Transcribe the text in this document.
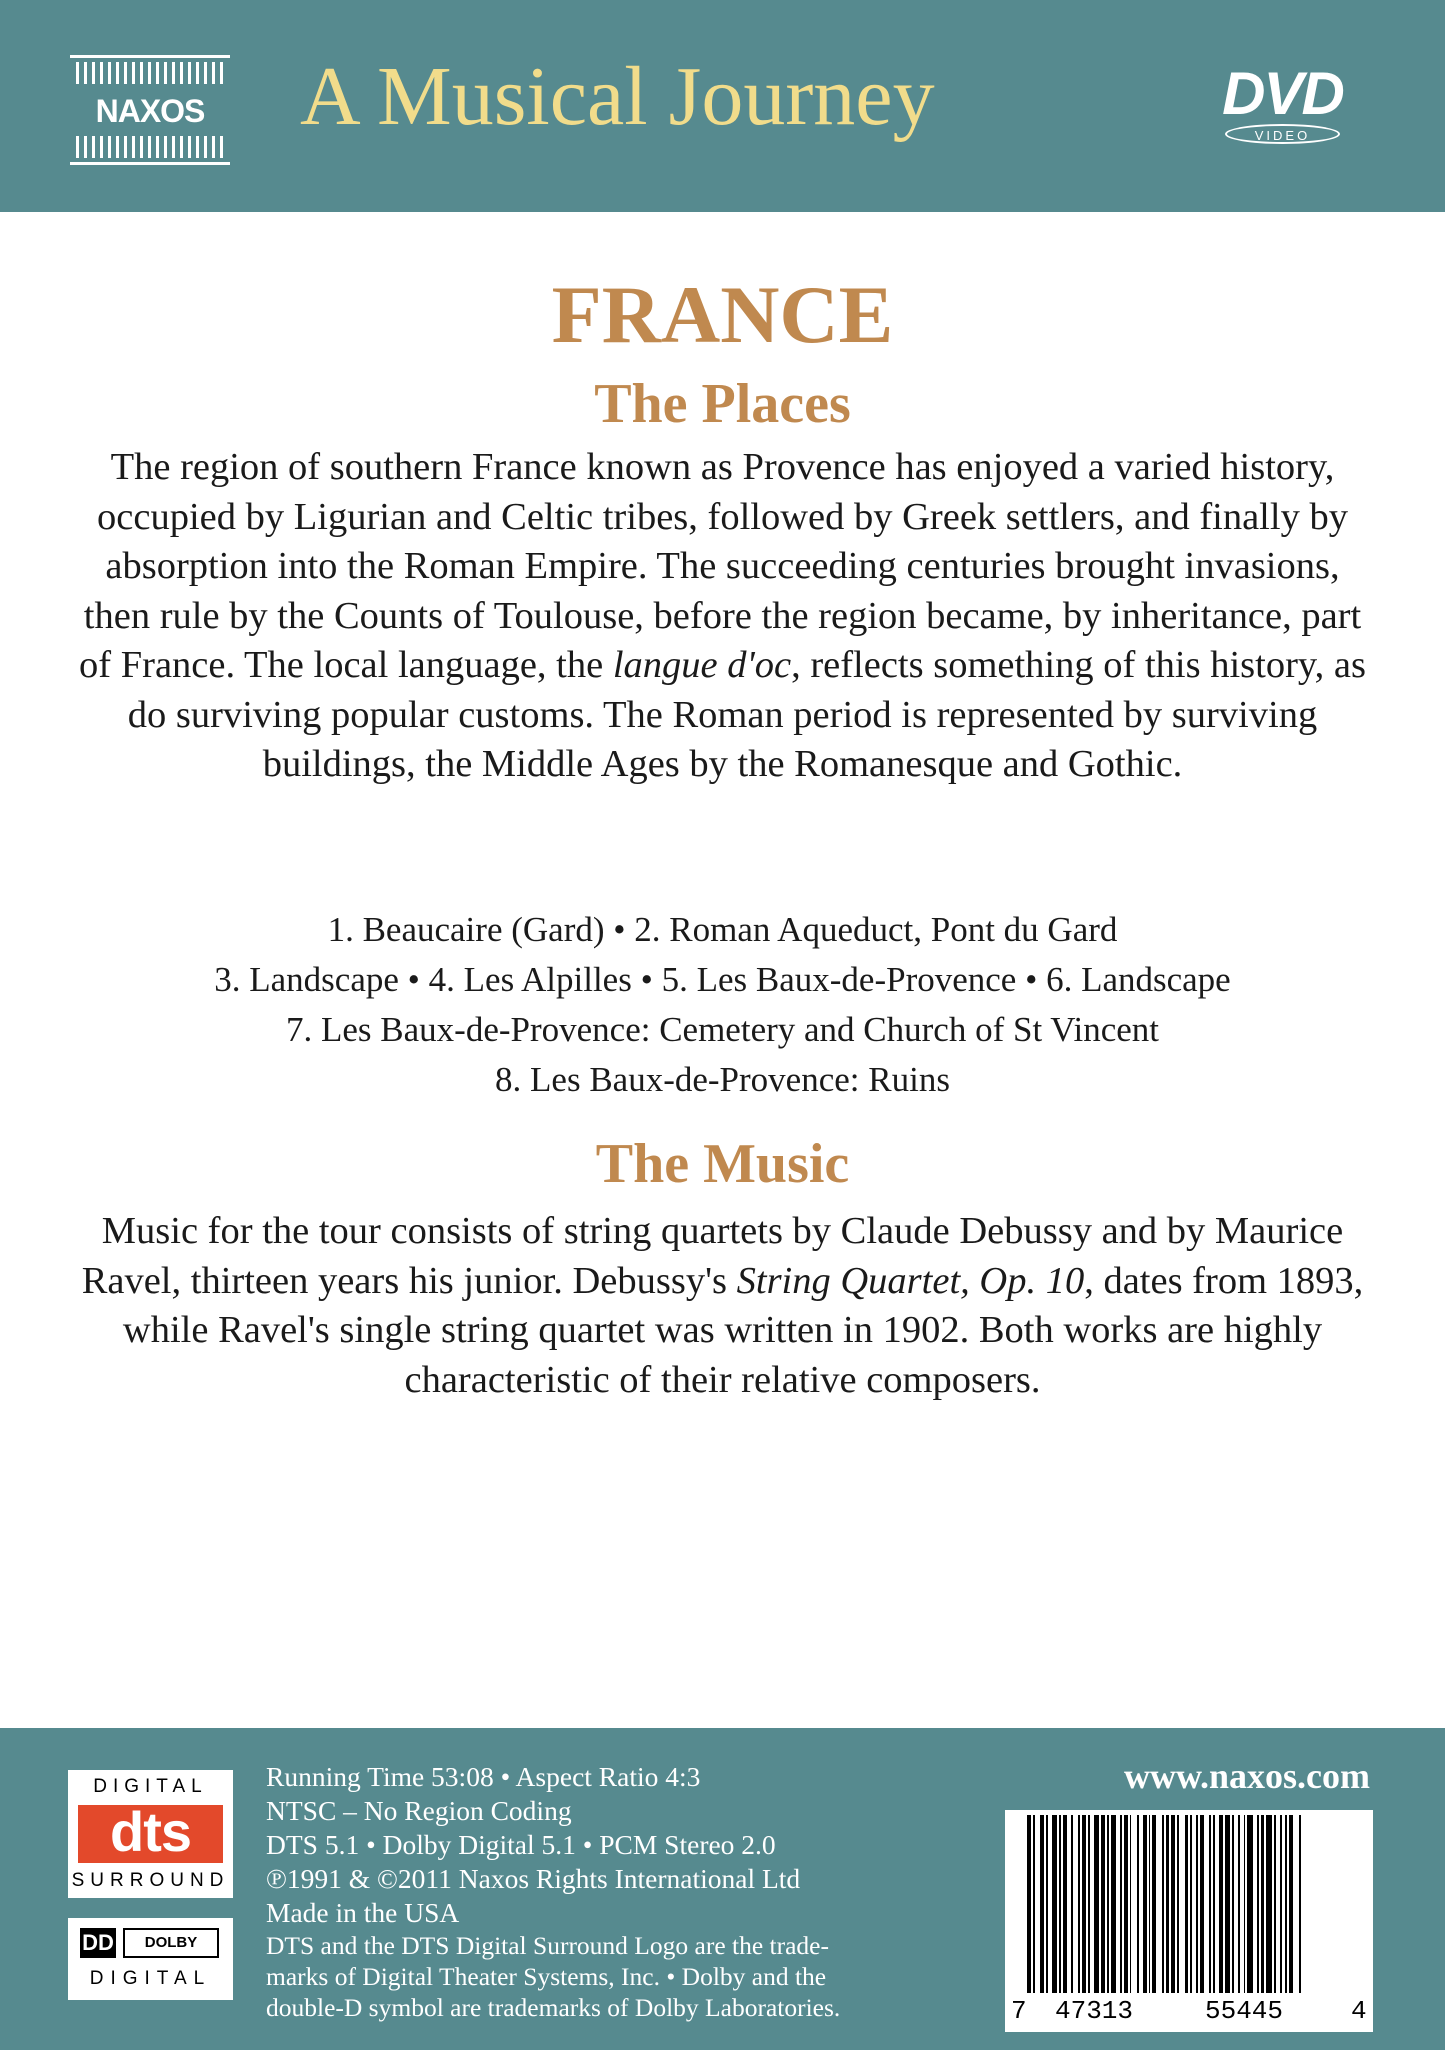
NAXOS	A Musical Journey	DVD
VIDEO
FRANCE
The Places

The region of southern France known as Provence has enjoyed a varied history, occupied by Ligurian and Celtic tribes, followed by Greek settlers, and finally by absorption into the Roman Empire. The succeeding centuries brought invasions, then rule by the Counts of Toulouse, before the region became, by inheritance, part of France. The local language, the langue d'oc, reflects something of this history, as do surviving popular customs. The Roman period is represented by surviving buildings, the Middle Ages by the Romanesque and Gothic.

1. Beaucaire (Gard) • 2. Roman Aqueduct, Pont du Gard
3. Landscape • 4. Les Alpilles • 5. Les Baux-de-Provence • 6. Landscape
7. Les Baux-de-Provence: Cemetery and Church of St Vincent
8. Les Baux-de-Provence: Ruins
The Music

Music for the tour consists of string quartets by Claude Debussy and by Maurice Ravel, thirteen years his junior. Debussy's String Quartet, Op. 10, dates from 1893, while Ravel's single string quartet was written in 1902. Both works are highly characteristic of their relative composers.

DIGITAL
dts
SURROUND
DD	DOLBY
DIGITAL
Running Time 53:08 • Aspect Ratio 4:3
NTSC – No Region Coding
DTS 5.1 • Dolby Digital 5.1 • PCM Stereo 2.0
℗1991 & ©2011 Naxos Rights International Ltd
Made in the USA
DTS and the DTS Digital Surround Logo are the trade-
marks of Digital Theater Systems, Inc. • Dolby and the
double-D symbol are trademarks of Dolby Laboratories.
www.naxos.com
7 47313	55445	4
